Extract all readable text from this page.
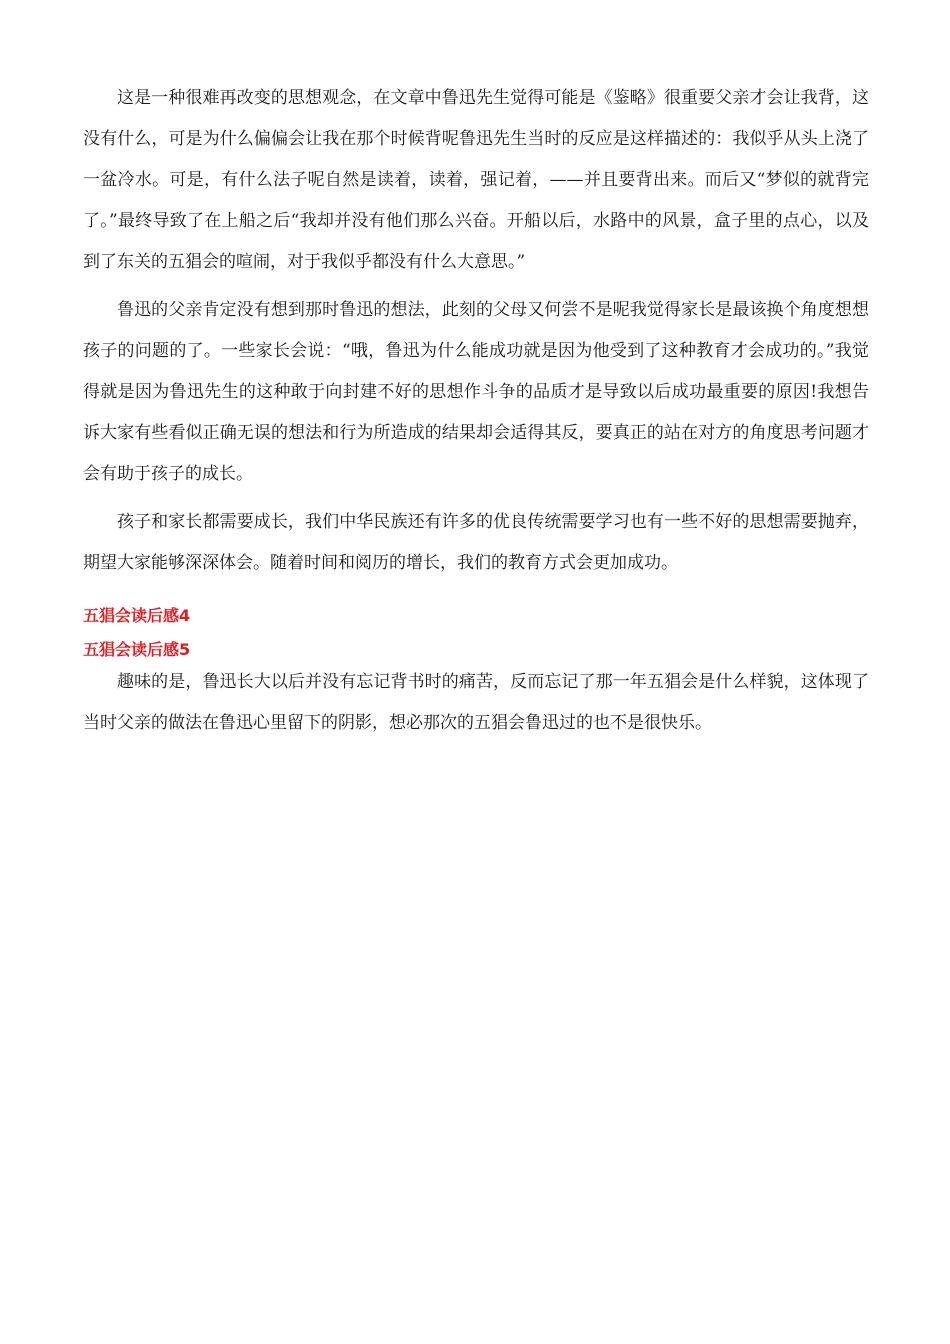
这是一种很难再改变的思想观念，在文章中鲁迅先生觉得可能是《鉴略》很重要父亲才会让我背，这没有什么，可是为什么偏偏会让我在那个时候背呢鲁迅先生当时的反应是这样描述的：我似乎从头上浇了一盆冷水。可是，有什么法子呢自然是读着，读着，强记着，——并且要背出来。而后又“梦似的就背完了。”最终导致了在上船之后“我却并没有他们那么兴奋。开船以后，水路中的风景，盒子里的点心，以及到了东关的五猖会的喧闹，对于我似乎都没有什么大意思。”

鲁迅的父亲肯定没有想到那时鲁迅的想法，此刻的父母又何尝不是呢我觉得家长是最该换个角度想想孩子的问题的了。一些家长会说：“哦，鲁迅为什么能成功就是因为他受到了这种教育才会成功的。”我觉得就是因为鲁迅先生的这种敢于向封建不好的思想作斗争的品质才是导致以后成功最重要的原因!我想告诉大家有些看似正确无误的想法和行为所造成的结果却会适得其反，要真正的站在对方的角度思考问题才会有助于孩子的成长。

孩子和家长都需要成长，我们中华民族还有许多的优良传统需要学习也有一些不好的思想需要抛弃，期望大家能够深深体会。随着时间和阅历的增长，我们的教育方式会更加成功。

五猖会读后感4

五猖会读后感5

趣味的是，鲁迅长大以后并没有忘记背书时的痛苦，反而忘记了那一年五猖会是什么样貌，这体现了当时父亲的做法在鲁迅心里留下的阴影，想必那次的五猖会鲁迅过的也不是很快乐。
